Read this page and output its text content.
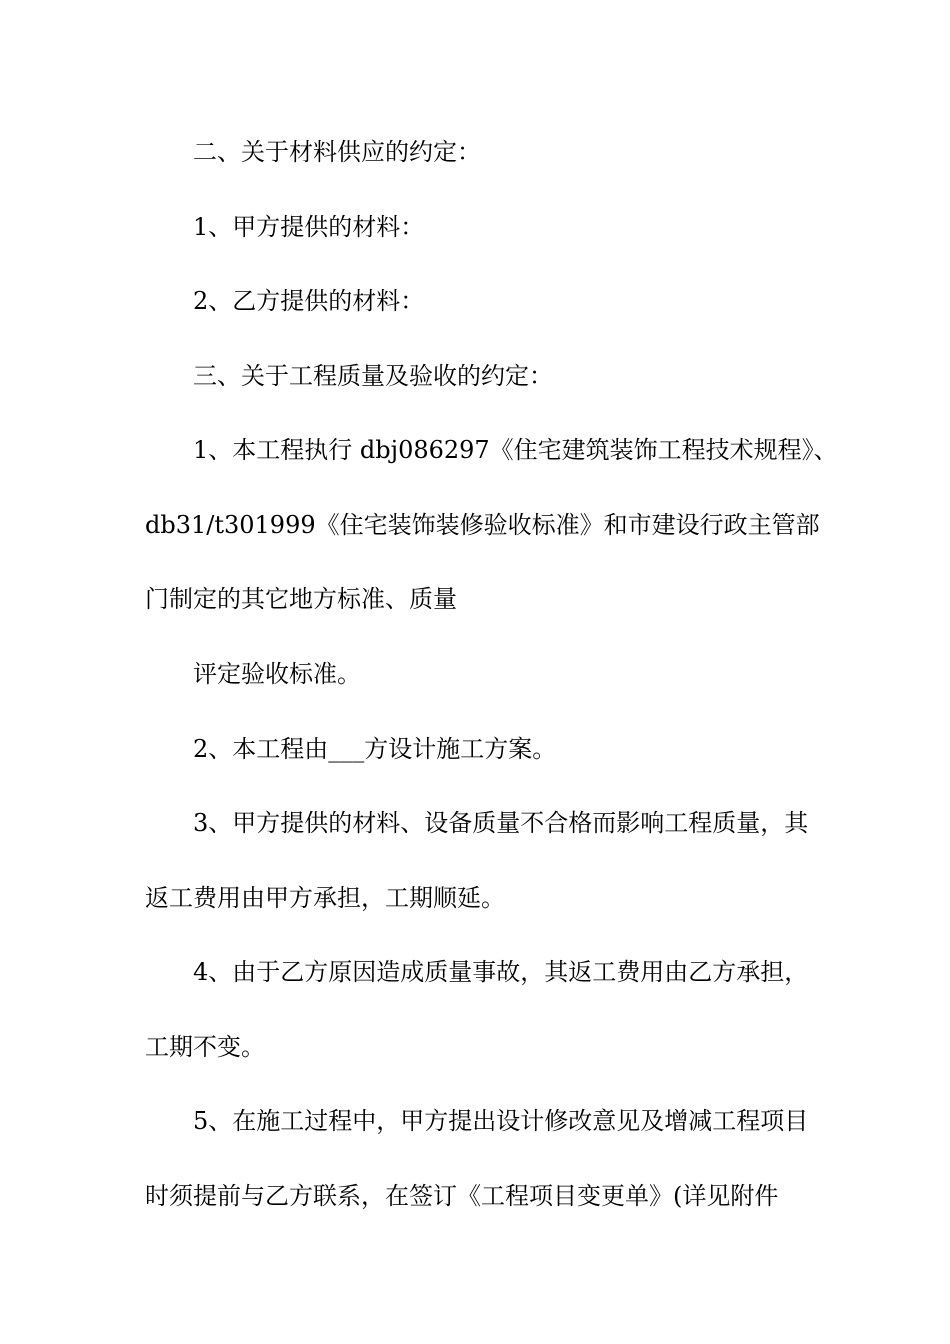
二、关于材料供应的约定：
1、甲方提供的材料：
2、乙方提供的材料：
三、关于工程质量及验收的约定：
1、本工程执行 dbj086297《住宅建筑装饰工程技术规程》、
db31/t301999《住宅装饰装修验收标准》和市建设行政主管部
门制定的其它地方标准、质量
评定验收标准。
2、本工程由___方设计施工方案。
3、甲方提供的材料、设备质量不合格而影响工程质量，其
返工费用由甲方承担，工期顺延。
4、由于乙方原因造成质量事故，其返工费用由乙方承担，
工期不变。
5、在施工过程中，甲方提出设计修改意见及增减工程项目
时须提前与乙方联系，在签订《工程项目变更单》(详见附件
